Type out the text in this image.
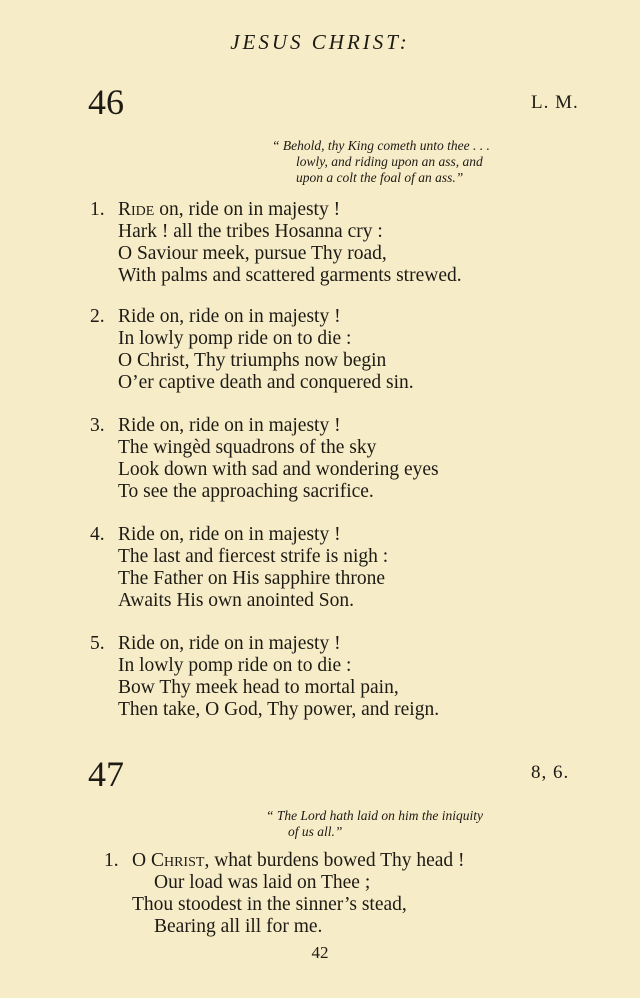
JESUS CHRIST:
46	L. M.
“ Behold, thy King cometh unto thee . . .
lowly, and riding upon an ass, and
upon a colt the foal of an ass.”
1. Ride on, ride on in majesty !
Hark ! all the tribes Hosanna cry :
O Saviour meek, pursue Thy road,
With palms and scattered garments strewed.
2. Ride on, ride on in majesty !
In lowly pomp ride on to die :
O Christ, Thy triumphs now begin
O’er captive death and conquered sin.
3. Ride on, ride on in majesty !
The wingèd squadrons of the sky
Look down with sad and wondering eyes
To see the approaching sacrifice.
4. Ride on, ride on in majesty !
The last and fiercest strife is nigh :
The Father on His sapphire throne
Awaits His own anointed Son.
5. Ride on, ride on in majesty !
In lowly pomp ride on to die :
Bow Thy meek head to mortal pain,
Then take, O God, Thy power, and reign.
47	8, 6.
“ The Lord hath laid on him the iniquity
of us all.”
1. O Christ, what burdens bowed Thy head !
Our load was laid on Thee ;
Thou stoodest in the sinner’s stead,
Bearing all ill for me.
42
